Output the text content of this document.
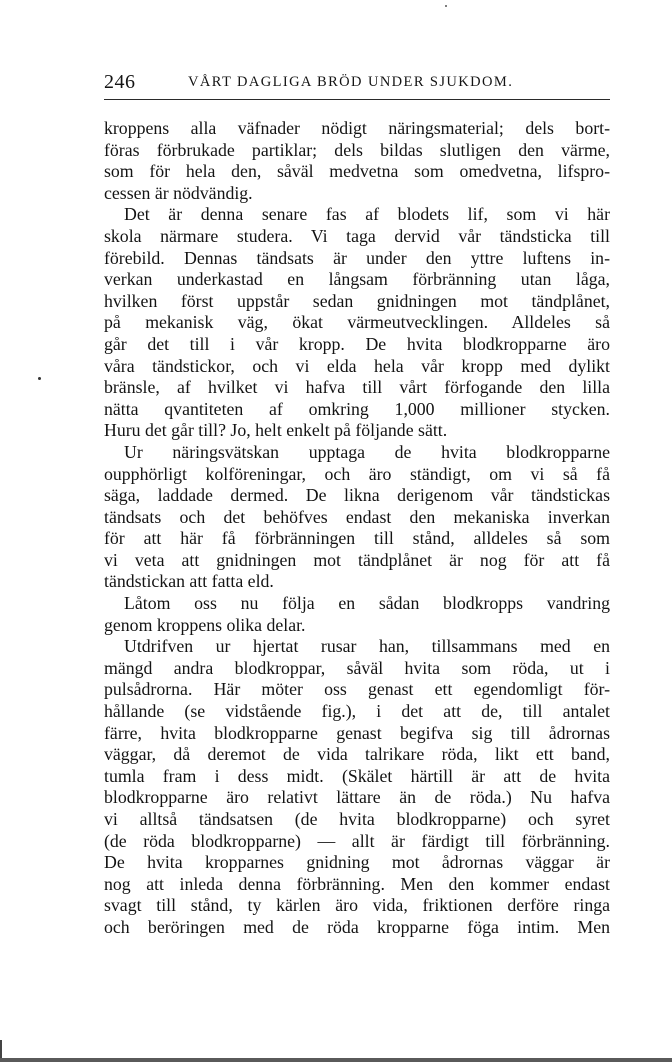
246	VÅRT DAGLIGA BRÖD UNDER SJUKDOM.
kroppens alla väfnader nödigt näringsmaterial; dels bort-
föras förbrukade partiklar; dels bildas slutligen den värme,
som för hela den, såväl medvetna som omedvetna, lifspro-
cessen är nödvändig.
Det är denna senare fas af blodets lif, som vi här
skola närmare studera. Vi taga dervid vår tändsticka till
förebild. Dennas tändsats är under den yttre luftens in-
verkan underkastad en långsam förbränning utan låga,
hvilken först uppstår sedan gnidningen mot tändplånet,
på mekanisk väg, ökat värmeutvecklingen. Alldeles så
går det till i vår kropp. De hvita blodkropparne äro
våra tändstickor, och vi elda hela vår kropp med dylikt
bränsle, af hvilket vi hafva till vårt förfogande den lilla
nätta qvantiteten af omkring 1,000 millioner stycken.
Huru det går till? Jo, helt enkelt på följande sätt.
Ur näringsvätskan upptaga de hvita blodkropparne
oupphörligt kolföreningar, och äro ständigt, om vi så få
säga, laddade dermed. De likna derigenom vår tändstickas
tändsats och det behöfves endast den mekaniska inverkan
för att här få förbränningen till stånd, alldeles så som
vi veta att gnidningen mot tändplånet är nog för att få
tändstickan att fatta eld.
Låtom oss nu följa en sådan blodkropps vandring
genom kroppens olika delar.
Utdrifven ur hjertat rusar han, tillsammans med en
mängd andra blodkroppar, såväl hvita som röda, ut i
pulsådrorna. Här möter oss genast ett egendomligt för-
hållande (se vidstående fig.), i det att de, till antalet
färre, hvita blodkropparne genast begifva sig till ådrornas
väggar, då deremot de vida talrikare röda, likt ett band,
tumla fram i dess midt. (Skälet härtill är att de hvita
blodkropparne äro relativt lättare än de röda.) Nu hafva
vi alltså tändsatsen (de hvita blodkropparne) och syret
(de röda blodkropparne) — allt är färdigt till förbränning.
De hvita kropparnes gnidning mot ådrornas väggar är
nog att inleda denna förbränning. Men den kommer endast
svagt till stånd, ty kärlen äro vida, friktionen derföre ringa
och beröringen med de röda kropparne föga intim. Men
